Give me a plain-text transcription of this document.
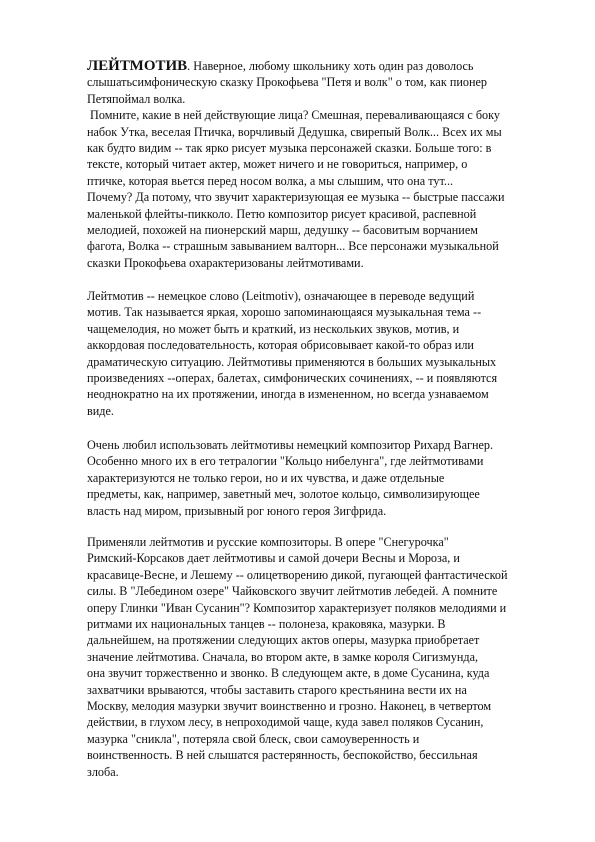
ЛЕЙТМОТИВ. Наверное, любому школьнику хоть один раз доволось

слышатьсимфоническую сказку Прокофьева "Петя и волк" о том, как пионер

Петяпоймал волка.

Помните, какие в ней действующие лица? Смешная, переваливающаяся с боку

набок Утка, веселая Птичка, ворчливый Дедушка, свирепый Волк... Всех их мы

как будто видим -- так ярко рисует музыка персонажей сказки. Больше того: в

тексте, который читает актер, может ничего и не говориться, например, о

птичке, которая вьется перед носом волка, а мы слышим, что она тут...

Почему? Да потому, что звучит характеризующая ее музыка -- быстрые пассажи

маленькой флейты-пикколо. Петю композитор рисует красивой, распевной

мелодией, похожей на пионерский марш, дедушку -- басовитым ворчанием

фагота, Волка -- страшным завыванием валторн... Все персонажи музыкальной

сказки Прокофьева охарактеризованы лейтмотивами.

Лейтмотив -- немецкое слово (Leitmotiv), означающее в переводе ведущий

мотив. Так называется яркая, хорошо запоминающаяся музыкальная тема --

чащемелодия, но может быть и краткий, из нескольких звуков, мотив, и

аккордовая последовательность, которая обрисовывает какой-то образ или

драматическую ситуацию. Лейтмотивы применяются в больших музыкальных

произведениях --операх, балетах, симфонических сочинениях, -- и появляются

неоднократно на их протяжении, иногда в измененном, но всегда узнаваемом

виде.

Очень любил использовать лейтмотивы немецкий композитор Рихард Вагнер.

Особенно много их в его тетралогии "Кольцо нибелунга", где лейтмотивами

характеризуются не только герои, но и их чувства, и даже отдельные

предметы, как, например, заветный меч, золотое кольцо, символизирующее

власть над миром, призывный рог юного героя Зигфрида.

Применяли лейтмотив и русские композиторы. В опере "Снегурочка"

Римский-Корсаков дает лейтмотивы и самой дочери Весны и Мороза, и

красавице-Весне, и Лешему -- олицетворению дикой, пугающей фантастической

силы. В "Лебедином озере" Чайковского звучит лейтмотив лебедей. А помните

оперу Глинки "Иван Сусанин"? Композитор характеризует поляков мелодиями и

ритмами их национальных танцев -- полонеза, краковяка, мазурки. В

дальнейшем, на протяжении следующих актов оперы, мазурка приобретает

значение лейтмотива. Сначала, во втором акте, в замке короля Сигизмунда,

она звучит торжественно и звонко. В следующем акте, в доме Сусанина, куда

захватчики врываются, чтобы заставить старого крестьянина вести их на

Москву, мелодия мазурки звучит воинственно и грозно. Наконец, в четвертом

действии, в глухом лесу, в непроходимой чаще, куда завел поляков Сусанин,

мазурка "сникла", потеряла свой блеск, свои самоуверенность и

воинственность. В ней слышатся растерянность, беспокойство, бессильная

злоба.
